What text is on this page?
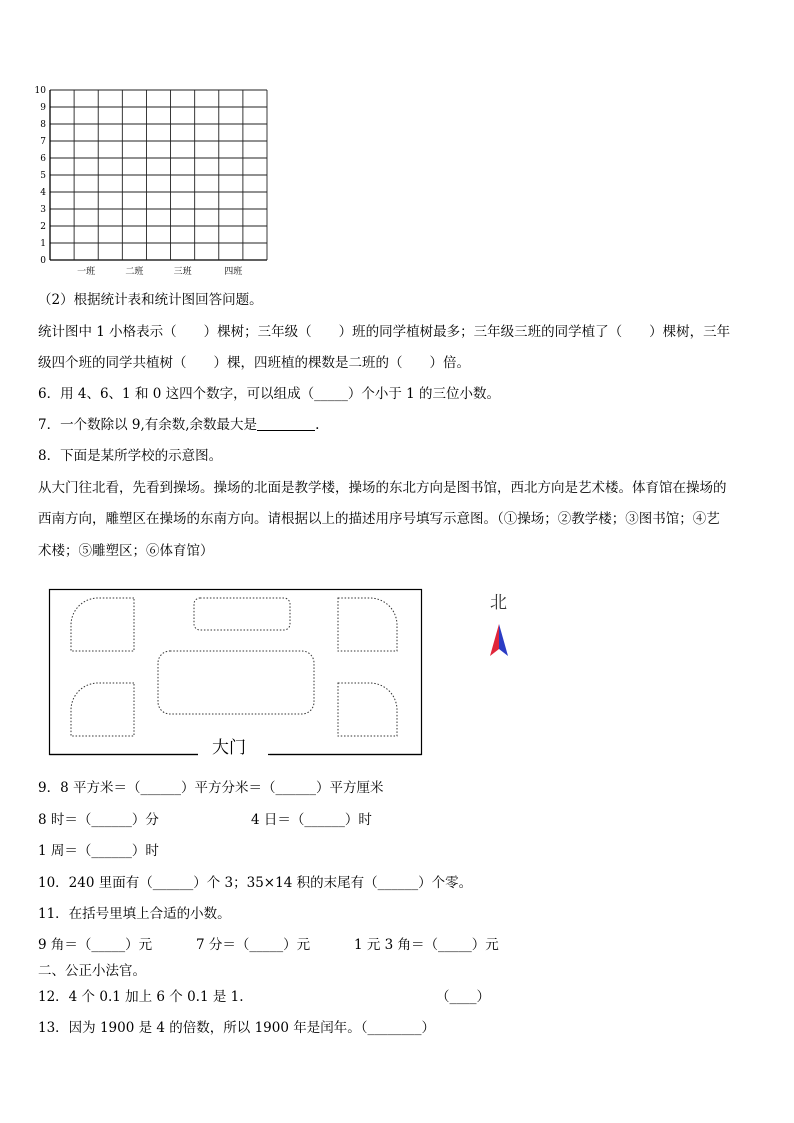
10
9
8
7
6
5
4
3
2
1
0
一班	二班	三班	四班
（2）根据统计表和统计图回答问题。
统计图中 1 小格表示（　　）棵树；三年级（　　）班的同学植树最多；三年级三班的同学植了（　　）棵树，三年
级四个班的同学共植树（　　）棵，四班植的棵数是二班的（　　）倍。
6．用 4、6、1 和 0 这四个数字，可以组成（_____）个小于 1 的三位小数。
7．一个数除以 9,有余数,余数最大是	.
8．下面是某所学校的示意图。
从大门往北看，先看到操场。操场的北面是教学楼，操场的东北方向是图书馆，西北方向是艺术楼。体育馆在操场的
西南方向，雕塑区在操场的东南方向。请根据以上的描述用序号填写示意图。（①操场；②教学楼；③图书馆；④艺
术楼；⑤雕塑区；⑥体育馆）
大门
北
9．8 平方米＝（______）平方分米＝（______）平方厘米
8 时＝（______）分	4 日＝（______）时
1 周＝（______）时
10．240 里面有（______）个 3；35×14 积的末尾有（______）个零。
11．在括号里填上合适的小数。
9 角＝（_____）元	7 分＝（_____）元	1 元 3 角＝（_____）元
二、公正小法官。
12．4 个 0.1 加上 6 个 0.1 是 1.	（____）
13．因为 1900 是 4 的倍数，所以 1900 年是闰年。（________）
